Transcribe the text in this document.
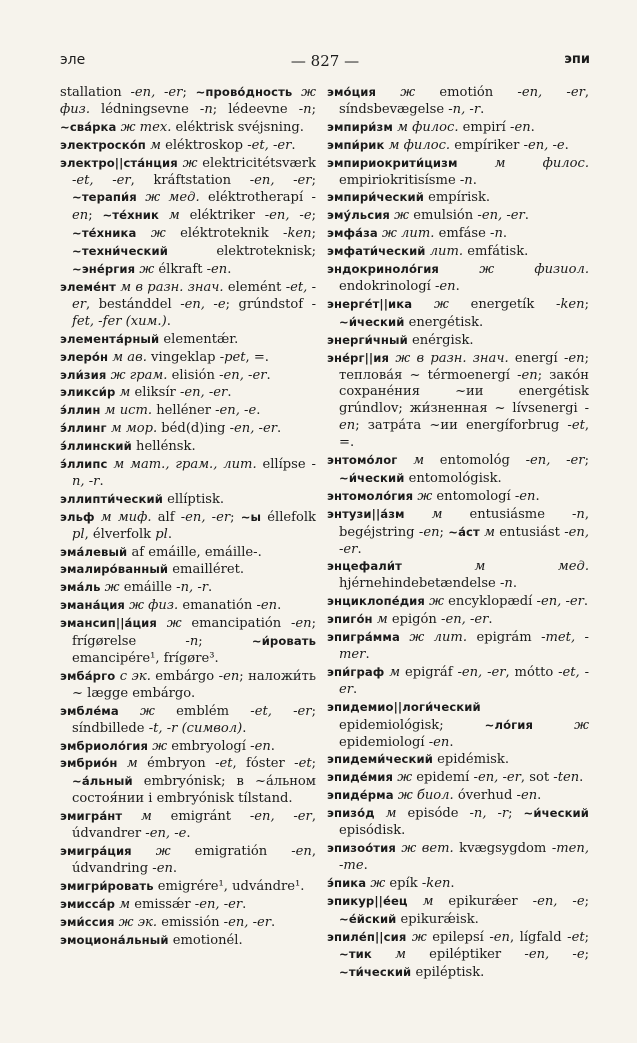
эле	— 827 —	эпи

stallation -en, -er; ~прово́дность ж физ. lédningsevne -n; lédeevne -n; ~сва́рка ж тех. eléktrisk svéjsning.

электроско́п м eléktroskop -et, -er.

электро||ста́нция ж elektricitétsværk -et, -er, kráftstation -en, -er; ~терапи́я ж мед. eléktrotherapí -en; ~те́хник м eléktriker -en, -e; ~те́хника ж eléktroteknik -ken; ~техни́ческий elektroteknisk; ~эне́ргия ж élkraft -en.

элеме́нт м в разн. знач. elemént -et, -er, bestánddel -en, -e; grúndstof -fet, -fer (хим.).

элемента́рный elementǽr.

элеро́н м ав. vingeklap -pet, =.

эли́зия ж грам. elisión -en, -er.

эликси́р м eliksír -en, -er.

э́ллин м ист. helléner -en, -e.

э́ллинг м мор. béd(d)ing -en, -er.

э́ллинский hellénsk.

э́ллипс м мат., грам., лит. ellípse -n, -r.

эллипти́ческий ellíptisk.

эльф м миф. alf -en, -er; ~ы éllefolk pl, élverfolk pl.

эма́левый af emáille, emáille-.

эмалиро́ванный emailléret.

эма́ль ж emáille -n, -r.

эмана́ция ж физ. emanatión -en.

эмансип||а́ция ж emancipatión -en; frígørelse -n; ~и́ровать emancipére¹, frígøre³.

эмба́рго с эк. embárgo -en; наложи́ть ~ lægge embárgo.

эмбле́ма ж emblém -et, -er; síndbillede -t, -r (символ).

эмбриоло́гия ж embryologí -en.

эмбрио́н м émbryon -et, fóster -et; ~а́льный embryónisk; в ~а́льном состоя́нии i embryónisk tílstand.

эмигра́нт м emigránt -en, -er, údvandrer -en, -e.

эмигра́ция ж emigratión -en, údvandring -en.

эмигри́ровать emigrére¹, udvándre¹.

эмисса́р м emissǽr -en, -er.

эми́ссия ж эк. emissión -en, -er.

эмоциона́льный emotionél.

эмо́ция ж emotión -en, -er, síndsbevægelse -n, -r.

эмпири́зм м филос. empirí -en.

эмпи́рик м филос. empíriker -en, -e.

эмпириокрити́цизм	м филос. empiriokritisísme -n.

эмпири́ческий empírisk.

эму́льсия ж emulsión -en, -er.

эмфа́за ж лит. emfáse -n.

эмфати́ческий лит. emfátisk.

эндокриноло́гия	ж физиол. endokrinologí -en.

энерге́т||ика ж energetík -ken; ~и́ческий energétisk.

энерги́чный enérgisk.

эне́рг||ия ж в разн. знач. energí -en; теплова́я ~ térmoenergí -en; зако́н сохране́ния ~ии energétisk grúndlov; жи́зненная ~ lívsenergi -en; затра́та ~ии energíforbrug -et, =.

энтомо́лог м entomológ -en, -er; ~и́ческий entomológisk.

энтомоло́гия ж entomologí -en.

энтузи||а́зм м entusiásme -n, begéjstring -en; ~а́ст м entusiást -en, -er.

энцефали́т	м мед. hjérnehindebetændelse -n.

энциклопе́дия ж encyklopædí -en, -er.

эпиго́н м epigón -en, -er.

эпигра́мма ж лит. epigrám -met, -mer.

эпи́граф м epigráf -en, -er, mótto -et, -er.

эпидемио||логи́ческий epidemiológisk; ~ло́гия	ж epidemiologí -en.

эпидеми́ческий epidémisk.

эпиде́мия ж epidemí -en, -er, sot -ten.

эпиде́рма ж биол. óverhud -en.

эпизо́д м episóde -n, -r; ~и́ческий episódisk.

эпизоо́тия ж вет. kvægsygdom -men, -me.

э́пика ж epík -ken.

эпикур||е́ец м epikurǽer -en, -e; ~е́йский epikurǽisk.

эпиле́п||сия ж epilepsí -en, lígfald -et; ~тик м epiléptiker -en, -e; ~ти́ческий epiléptisk.
